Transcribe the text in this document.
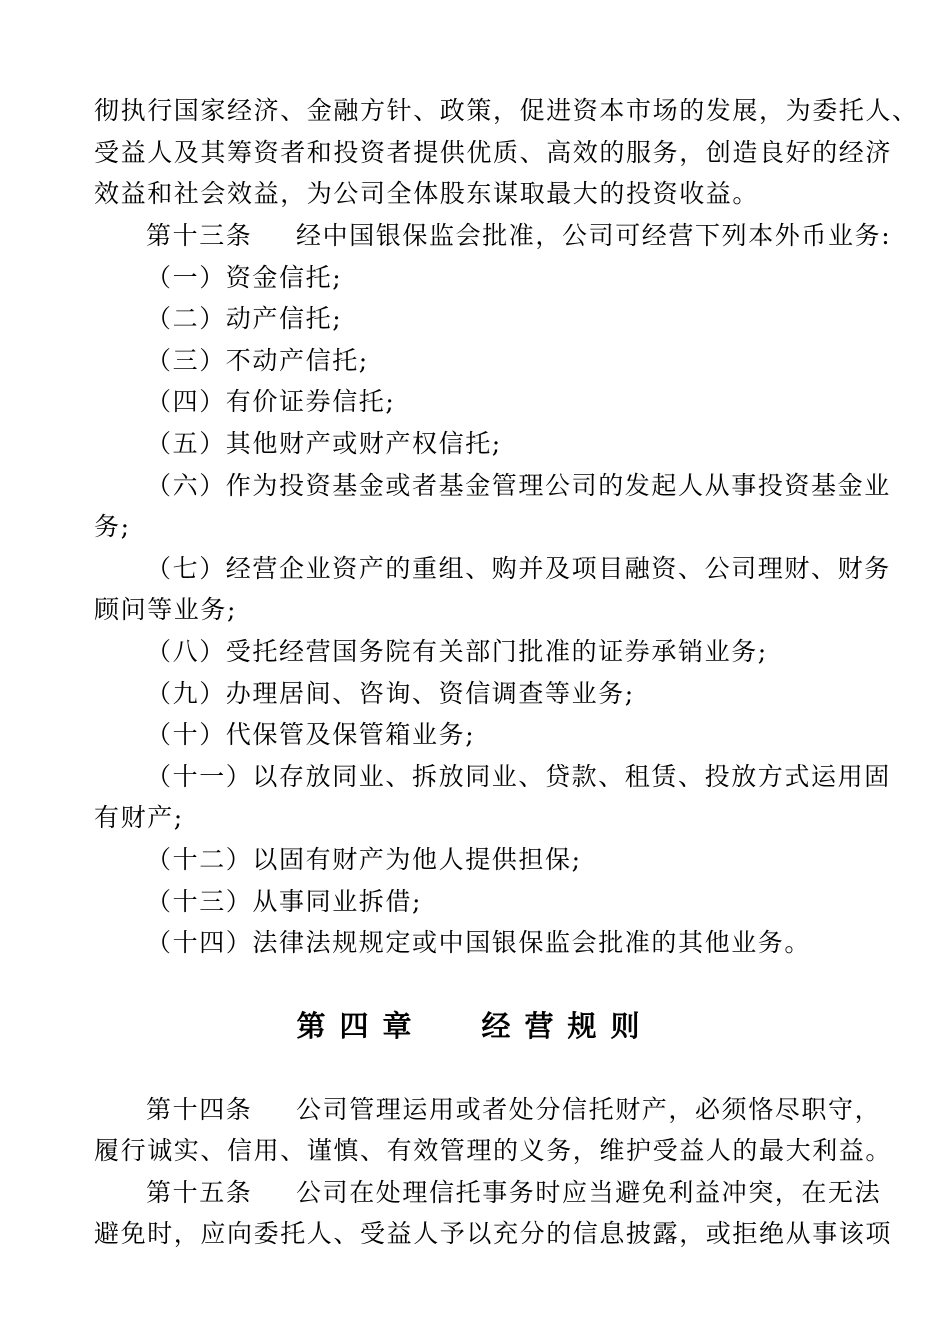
彻执行国家经济、金融方针、政策，促进资本市场的发展，为委托人、
受益人及其筹资者和投资者提供优质、高效的服务，创造良好的经济
效益和社会效益，为公司全体股东谋取最大的投资收益。
第十三条 经中国银保监会批准，公司可经营下列本外币业务:
（一）资金信托;
（二）动产信托;
（三）不动产信托;
（四）有价证券信托;
（五）其他财产或财产权信托;
（六）作为投资基金或者基金管理公司的发起人从事投资基金业
务;
（七）经营企业资产的重组、购并及项目融资、公司理财、财务
顾问等业务;
（八）受托经营国务院有关部门批准的证券承销业务;
（九）办理居间、咨询、资信调查等业务;
（十）代保管及保管箱业务;
（十一）以存放同业、拆放同业、贷款、租赁、投放方式运用固
有财产;
（十二）以固有财产为他人提供担保;
（十三）从事同业拆借;
（十四）法律法规规定或中国银保监会批准的其他业务。
第四章 经营规则
第十四条 公司管理运用或者处分信托财产，必须恪尽职守，
履行诚实、信用、谨慎、有效管理的义务，维护受益人的最大利益。
第十五条 公司在处理信托事务时应当避免利益冲突，在无法
避免时，应向委托人、受益人予以充分的信息披露，或拒绝从事该项
